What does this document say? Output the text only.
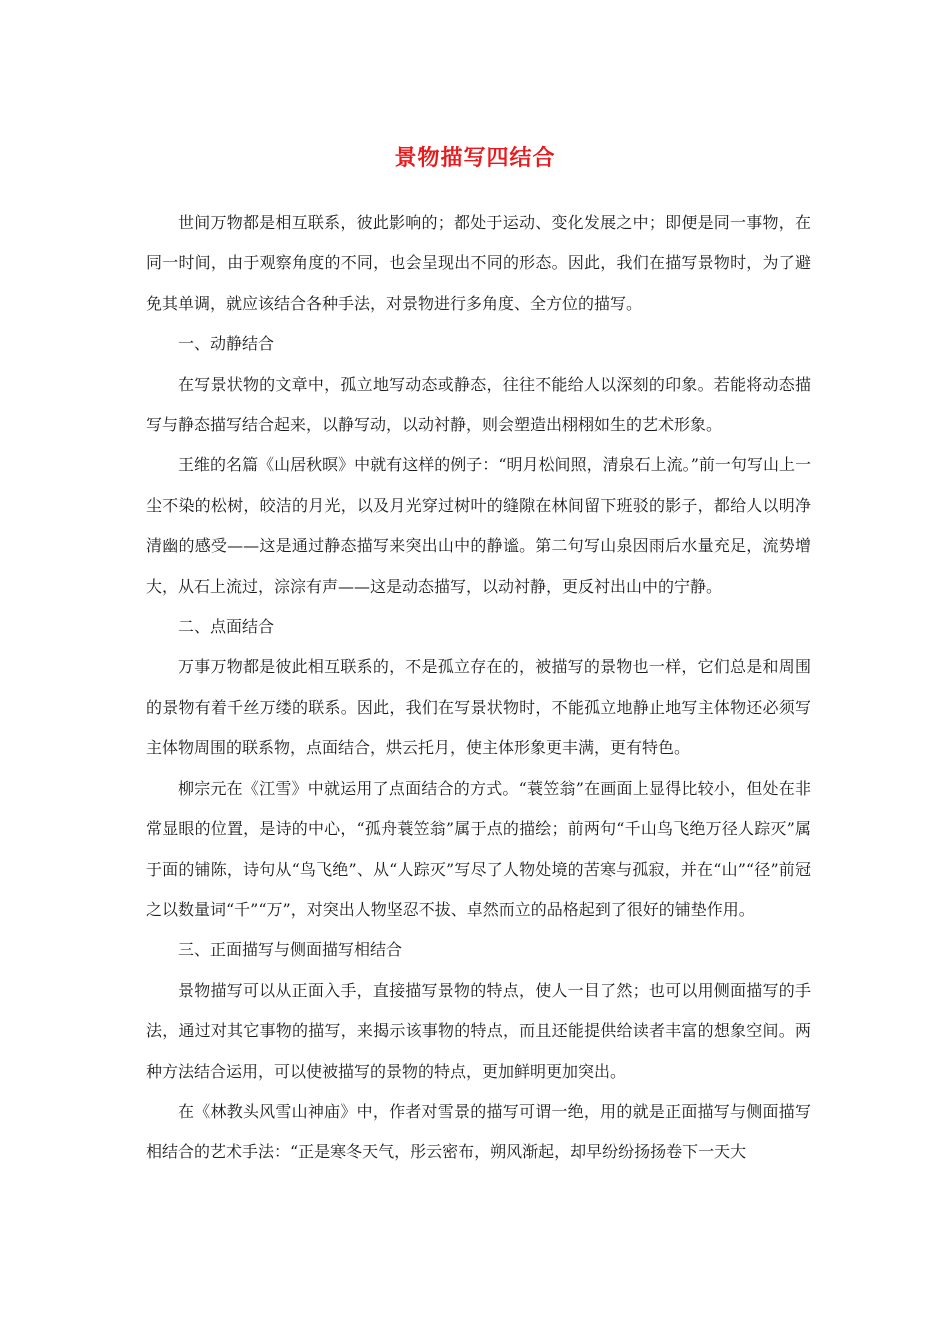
景物描写四结合

世间万物都是相互联系，彼此影响的；都处于运动、变化发展之中；即便是同一事物，在同一时间，由于观察角度的不同，也会呈现出不同的形态。因此，我们在描写景物时，为了避免其单调，就应该结合各种手法，对景物进行多角度、全方位的描写。

一、动静结合

在写景状物的文章中，孤立地写动态或静态，往往不能给人以深刻的印象。若能将动态描写与静态描写结合起来，以静写动，以动衬静，则会塑造出栩栩如生的艺术形象。

王维的名篇《山居秋暝》中就有这样的例子：“明月松间照，清泉石上流。”前一句写山上一尘不染的松树，皎洁的月光，以及月光穿过树叶的缝隙在林间留下班驳的影子，都给人以明净清幽的感受——这是通过静态描写来突出山中的静谧。第二句写山泉因雨后水量充足，流势增大，从石上流过，淙淙有声——这是动态描写，以动衬静，更反衬出山中的宁静。

二、点面结合

万事万物都是彼此相互联系的，不是孤立存在的，被描写的景物也一样，它们总是和周围的景物有着千丝万缕的联系。因此，我们在写景状物时，不能孤立地静止地写主体物还必须写主体物周围的联系物，点面结合，烘云托月，使主体形象更丰满，更有特色。

柳宗元在《江雪》中就运用了点面结合的方式。“蓑笠翁”在画面上显得比较小，但处在非常显眼的位置，是诗的中心，“孤舟蓑笠翁”属于点的描绘；前两句“千山鸟飞绝万径人踪灭”属于面的铺陈，诗句从“鸟飞绝”、从“人踪灭”写尽了人物处境的苦寒与孤寂，并在“山”“径”前冠之以数量词“千”“万”，对突出人物坚忍不拔、卓然而立的品格起到了很好的铺垫作用。

三、正面描写与侧面描写相结合

景物描写可以从正面入手，直接描写景物的特点，使人一目了然；也可以用侧面描写的手法，通过对其它事物的描写，来揭示该事物的特点，而且还能提供给读者丰富的想象空间。两种方法结合运用，可以使被描写的景物的特点，更加鲜明更加突出。

在《林教头风雪山神庙》中，作者对雪景的描写可谓一绝，用的就是正面描写与侧面描写相结合的艺术手法：“正是寒冬天气，彤云密布，朔风渐起，却早纷纷扬扬卷下一天大
